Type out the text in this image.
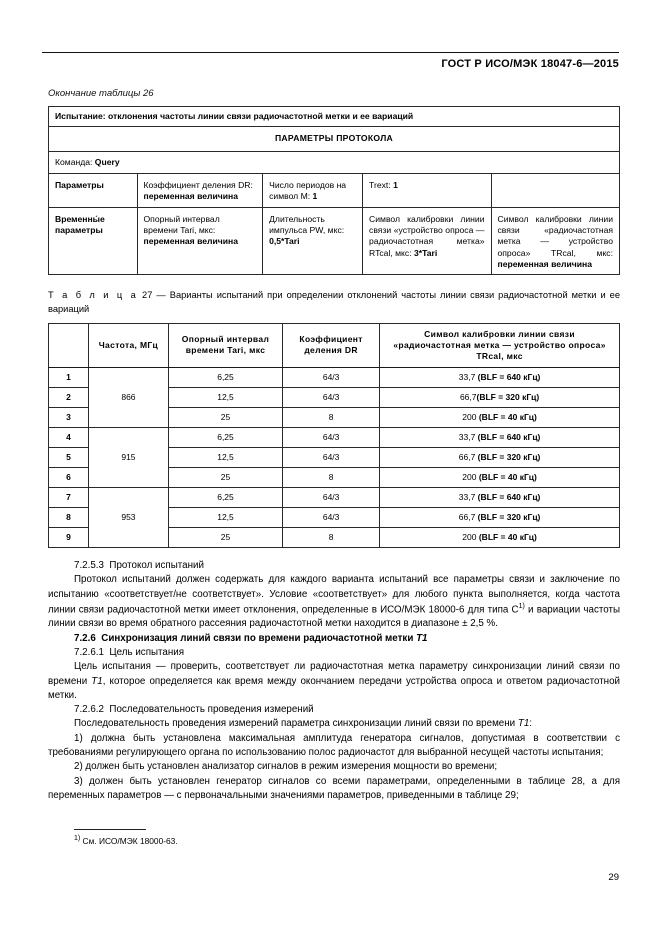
ГОСТ Р ИСО/МЭК 18047-6—2015
Окончание таблицы 26
Испытание: отклонения частоты линии связи радиочастотной метки и ее вариаций				
ПАРАМЕТРЫ ПРОТОКОЛА				
Команда: Query				
Параметры	Коэффициент деления DR: переменная величина	Число периодов на символ M: 1	Trext: 1	
Временны́е параметры	Опорный интервал времени Tari, мкс: переменная величина	Длительность импульса PW, мкс: 0,5*Tari	Символ калибровки линии связи «устройство опроса — радиочастотная метка» RTcal, мкс: 3*Tari	Символ калибровки линии связи «радиочастотная метка — устройство опроса» TRcal, мкс: переменная величина
Т а б л и ц а 27 — Варианты испытаний при определении отклонений частоты линии связи радиочастотной метки и ее вариаций
	Частота, МГц	Опорный интервал времени Tari, мкс	Коэффициент деления DR	Символ калибровки линии связи «радиочастотная метка — устройство опроса» TRcal, мкс
1	866	6,25	64/3	33,7 (BLF = 640 кГц)
2		12,5	64/3	66,7(BLF = 320 кГц)
3		25	8	200 (BLF = 40 кГц)
4	915	6,25	64/3	33,7 (BLF = 640 кГц)
5		12,5	64/3	66,7 (BLF = 320 кГц)
6		25	8	200 (BLF = 40 кГц)
7	953	6,25	64/3	33,7 (BLF = 640 кГц)
8		12,5	64/3	66,7 (BLF = 320 кГц)
9		25	8	200 (BLF = 40 кГц)
7.2.5.3 Протокол испытаний
Протокол испытаний должен содержать для каждого варианта испытаний все параметры связи и заключение по испытанию «соответствует/не соответствует». Условие «соответствует» для любого пункта выполняется, когда частота линии связи радиочастотной метки имеет отклонения, определенные в ИСО/МЭК 18000-6 для типа $C^{1)}$ и вариации частоты линии связи во время обратного рассеяния радиочастотной метки находится в диапазоне ± 2,5 %.
7.2.6 Синхронизация линий связи по времени радиочастотной метки T1
7.2.6.1 Цель испытания
Цель испытания — проверить, соответствует ли радиочастотная метка параметру синхронизации линий связи по времени T1, которое определяется как время между окончанием передачи устройства опроса и ответом радиочастотной метки.
7.2.6.2 Последовательность проведения измерений
Последовательность проведения измерений параметра синхронизации линий связи по времени T1:
1) должна быть установлена максимальная амплитуда генератора сигналов, допустимая в соответствии с требованиями регулирующего органа по использованию полос радиочастот для выбранной несущей частоты испытания;
2) должен быть установлен анализатор сигналов в режим измерения мощности во времени;
3) должен быть установлен генератор сигналов со всеми параметрами, определенными в таблице 28, а для переменных параметров — с первоначальными значениями параметров, приведенными в таблице 29;
$^{1)}$ См. ИСО/МЭК 18000-63.
29
